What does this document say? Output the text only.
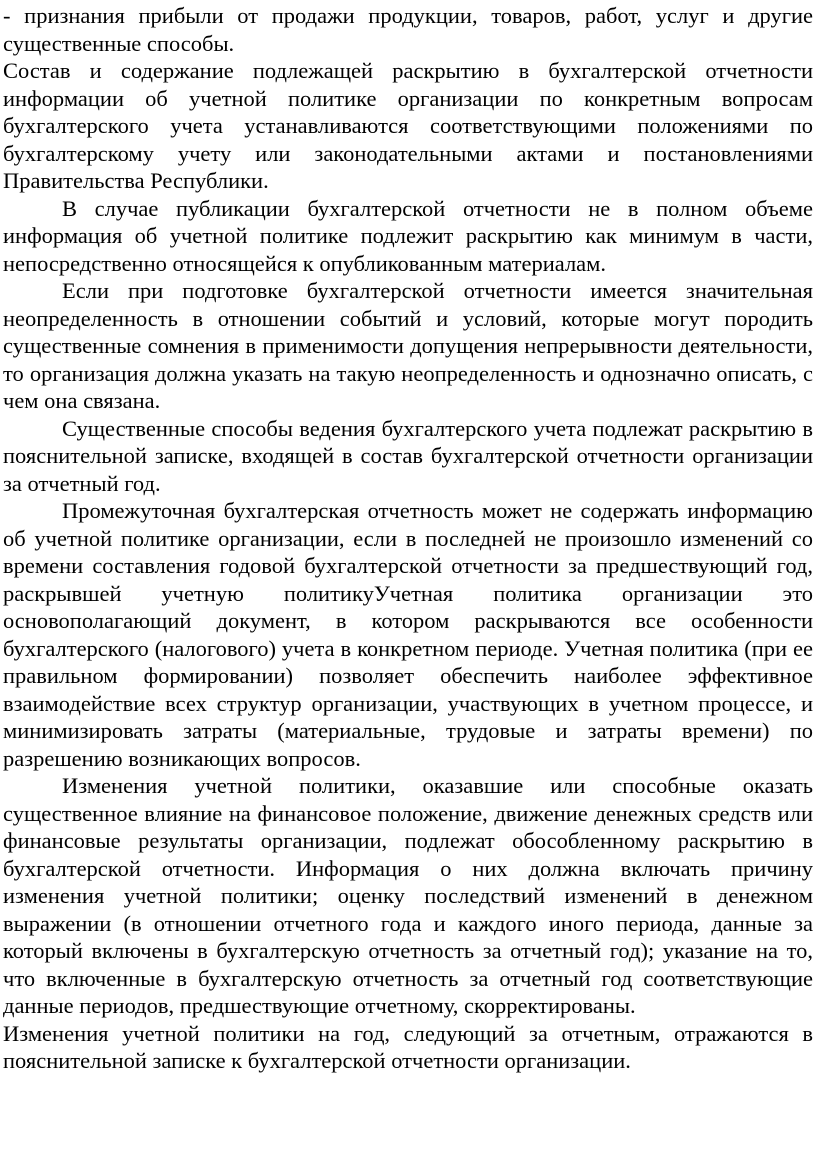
- признания прибыли от продажи продукции, товаров, работ, услуг и другие существенные способы.

Состав и содержание подлежащей раскрытию в бухгалтерской отчетности информации об учетной политике организации по конкретным вопросам бухгалтерского учета устанавливаются соответствующими положениями по бухгалтерскому учету или законодательными актами и постановлениями Правительства Республики.

В случае публикации бухгалтерской отчетности не в полном объеме информация об учетной политике подлежит раскрытию как минимум в части, непосредственно относящейся к опубликованным материалам.

Если при подготовке бухгалтерской отчетности имеется значительная неопределенность в отношении событий и условий, которые могут породить существенные сомнения в применимости допущения непрерывности деятельности, то организация должна указать на такую неопределенность и однозначно описать, с чем она связана.

Существенные способы ведения бухгалтерского учета подлежат раскрытию в пояснительной записке, входящей в состав бухгалтерской отчетности организации за отчетный год.

Промежуточная бухгалтерская отчетность может не содержать информацию об учетной политике организации, если в последней не произошло изменений со времени составления годовой бухгалтерской отчетности за предшествующий год, раскрывшей учетную политикуУчетная политика организации это основополагающий документ, в котором раскрываются все особенности бухгалтерского (налогового) учета в конкретном периоде. Учетная политика (при ее правильном формировании) позволяет обеспечить наиболее эффективное взаимодействие всех структур организации, участвующих в учетном процессе, и минимизировать затраты (материальные, трудовые и затраты времени) по разрешению возникающих вопросов.

Изменения учетной политики, оказавшие или способные оказать существенное влияние на финансовое положение, движение денежных средств или финансовые результаты организации, подлежат обособленному раскрытию в бухгалтерской отчетности. Информация о них должна включать причину изменения учетной политики; оценку последствий изменений в денежном выражении (в отношении отчетного года и каждого иного периода, данные за который включены в бухгалтерскую отчетность за отчетный год); указание на то, что включенные в бухгалтерскую отчетность за отчетный год соответствующие данные периодов, предшествующие отчетному, скорректированы.

Изменения учетной политики на год, следующий за отчетным, отражаются в пояснительной записке к бухгалтерской отчетности организации.
